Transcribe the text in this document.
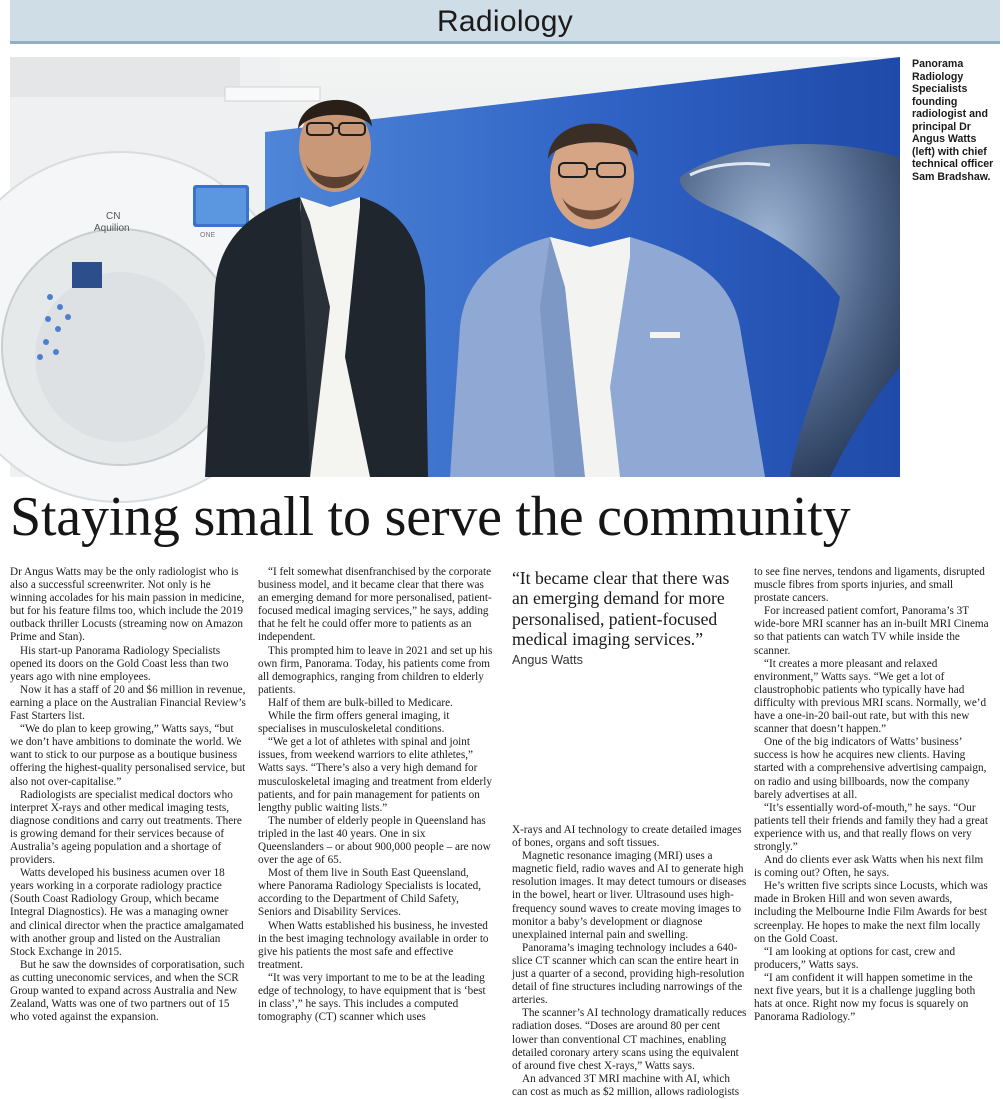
Radiology
CN
Aquilion
ONE
Panorama Radiology Specialists founding radiologist and principal Dr Angus Watts (left) with chief technical officer Sam Bradshaw.
Staying small to serve the community

Dr Angus Watts may be the only radiologist who is also a successful screenwriter. Not only is he winning accolades for his main passion in medicine, but for his feature films too, which include the 2019 outback thriller Locusts (streaming now on Amazon Prime and Stan).

His start-up Panorama Radiology Specialists opened its doors on the Gold Coast less than two years ago with nine employees.

Now it has a staff of 20 and $6 million in revenue, earning a place on the Australian Financial Review’s Fast Starters list.

“We do plan to keep growing,” Watts says, “but we don’t have ambitions to dominate the world. We want to stick to our purpose as a boutique business offering the highest-quality personalised service, but also not over-capitalise.”

Radiologists are specialist medical doctors who interpret X-rays and other medical imaging tests, diagnose conditions and carry out treatments. There is growing demand for their services because of Australia’s ageing population and a shortage of providers.

Watts developed his business acumen over 18 years working in a corporate radiology practice (South Coast Radiology Group, which became Integral Diagnostics). He was a managing owner and clinical director when the practice amalgamated with another group and listed on the Australian Stock Exchange in 2015.

But he saw the downsides of corporatisation, such as cutting uneconomic services, and when the SCR Group wanted to expand across Australia and New Zealand, Watts was one of two partners out of 15 who voted against the expansion.

“I felt somewhat disenfranchised by the corporate business model, and it became clear that there was an emerging demand for more personalised, patient-focused medical imaging services,” he says, adding that he felt he could offer more to patients as an independent.

This prompted him to leave in 2021 and set up his own firm, Panorama. Today, his patients come from all demographics, ranging from children to elderly patients.

Half of them are bulk-billed to Medicare.

While the firm offers general imaging, it specialises in musculoskeletal conditions.

“We get a lot of athletes with spinal and joint issues, from weekend warriors to elite athletes,” Watts says. “There’s also a very high demand for musculoskeletal imaging and treatment from elderly patients, and for pain management for patients on lengthy public waiting lists.”

The number of elderly people in Queensland has tripled in the last 40 years. One in six Queenslanders – or about 900,000 people – are now over the age of 65.

Most of them live in South East Queensland, where Panorama Radiology Specialists is located, according to the Department of Child Safety, Seniors and Disability Services.

When Watts established his business, he invested in the best imaging technology available in order to give his patients the most safe and effective treatment.

“It was very important to me to be at the leading edge of technology, to have equipment that is ‘best in class’,” he says. This includes a computed tomography (CT) scanner which uses

“It became clear that there was an emerging demand for more personalised, patient-focused medical imaging services.”
Angus Watts

X-rays and AI technology to create detailed images of bones, organs and soft tissues.

Magnetic resonance imaging (MRI) uses a magnetic field, radio waves and AI to generate high resolution images. It may detect tumours or diseases in the bowel, heart or liver. Ultrasound uses high-frequency sound waves to create moving images to monitor a baby’s development or diagnose unexplained internal pain and swelling.

Panorama’s imaging technology includes a 640-slice CT scanner which can scan the entire heart in just a quarter of a second, providing high-resolution detail of fine structures including narrowings of the arteries.

The scanner’s AI technology dramatically reduces radiation doses. “Doses are around 80 per cent lower than conventional CT machines, enabling detailed coronary artery scans using the equivalent of around five chest X-rays,” Watts says.

An advanced 3T MRI machine with AI, which can cost as much as $2 million, allows radiologists

to see fine nerves, tendons and ligaments, disrupted muscle fibres from sports injuries, and small prostate cancers.

For increased patient comfort, Panorama’s 3T wide-bore MRI scanner has an in-built MRI Cinema so that patients can watch TV while inside the scanner.

“It creates a more pleasant and relaxed environment,” Watts says. “We get a lot of claustrophobic patients who typically have had difficulty with previous MRI scans. Normally, we’d have a one-in-20 bail-out rate, but with this new scanner that doesn’t happen.”

One of the big indicators of Watts’ business’ success is how he acquires new clients. Having started with a comprehensive advertising campaign, on radio and using billboards, now the company barely advertises at all.

“It’s essentially word-of-mouth,” he says. “Our patients tell their friends and family they had a great experience with us, and that really flows on very strongly.”

And do clients ever ask Watts when his next film is coming out? Often, he says.

He’s written five scripts since Locusts, which was made in Broken Hill and won seven awards, including the Melbourne Indie Film Awards for best screenplay. He hopes to make the next film locally on the Gold Coast.

“I am looking at options for cast, crew and producers,” Watts says.

“I am confident it will happen sometime in the next five years, but it is a challenge juggling both hats at once. Right now my focus is squarely on Panorama Radiology.”
